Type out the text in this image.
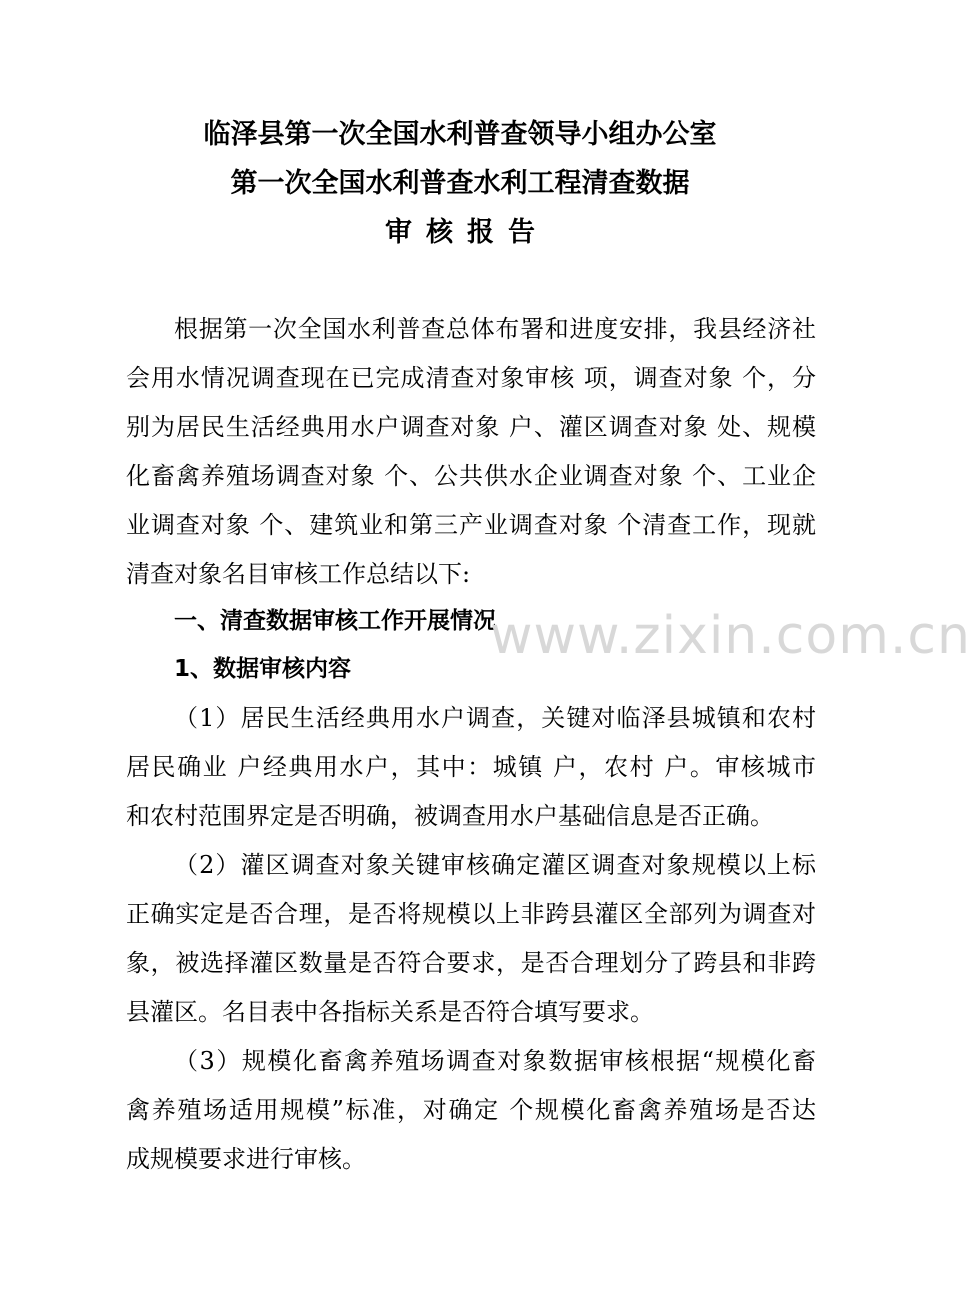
临泽县第一次全国水利普查领导小组办公室
第一次全国水利普查水利工程清查数据
审核报告
根据第一次全国水利普查总体布署和进度安排，我县经济社
会用水情况调查现在已完成清查对象审核 项，调查对象 个，分
别为居民生活经典用水户调查对象 户、灌区调查对象 处、规模
化畜禽养殖场调查对象 个、公共供水企业调查对象 个、工业企
业调查对象 个、建筑业和第三产业调查对象 个清查工作，现就
清查对象名目审核工作总结以下:
一、清查数据审核工作开展情况
www.zixin.com.cn
1、数据审核内容
（1）居民生活经典用水户调查，关键对临泽县城镇和农村
居民确业 户经典用水户，其中：城镇 户，农村 户。审核城市
和农村范围界定是否明确，被调查用水户基础信息是否正确。
（2）灌区调查对象关键审核确定灌区调查对象规模以上标
正确实定是否合理，是否将规模以上非跨县灌区全部列为调查对
象，被选择灌区数量是否符合要求，是否合理划分了跨县和非跨
县灌区。名目表中各指标关系是否符合填写要求。
（3）规模化畜禽养殖场调查对象数据审核根据“规模化畜
禽养殖场适用规模”标准，对确定 个规模化畜禽养殖场是否达
成规模要求进行审核。
